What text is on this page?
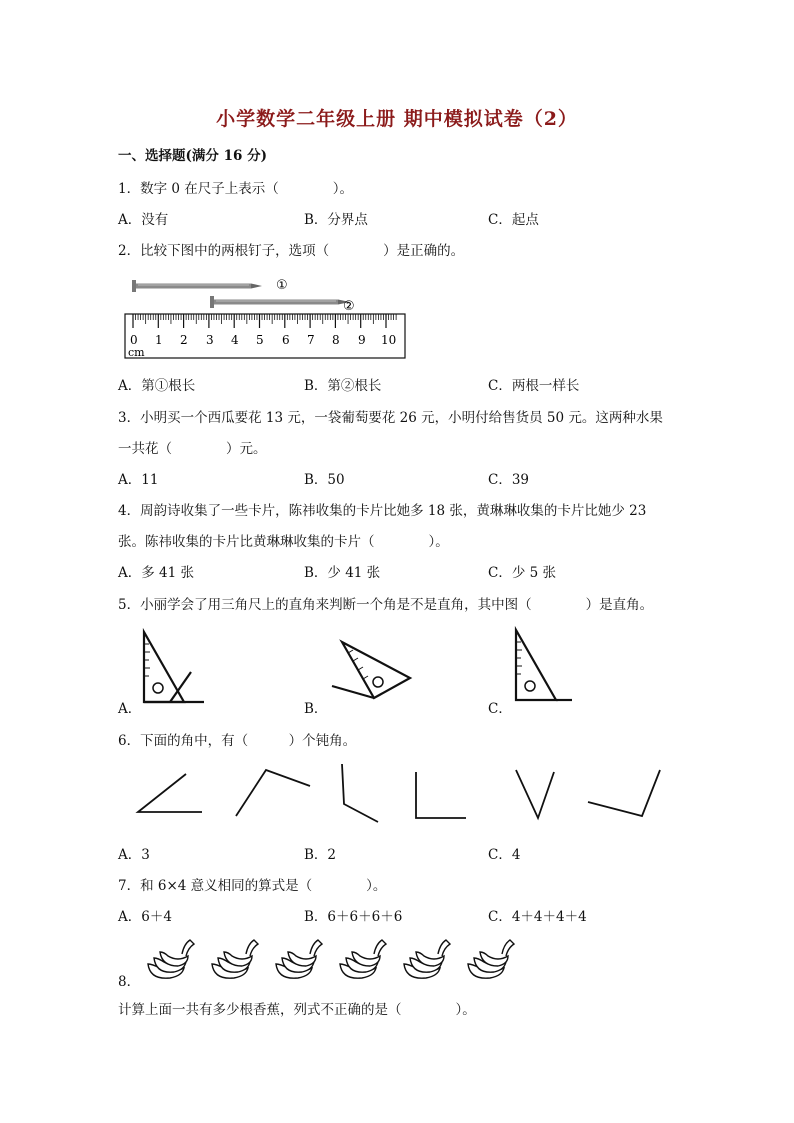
小学数学二年级上册 期中模拟试卷（2）
一、选择题(满分 16 分)
1．数字 0 在尺子上表示（　　　　）。
A．没有	B．分界点	C．起点
2．比较下图中的两根钉子，选项（　　　　）是正确的。
①
②
0 1 2 3 4 5 6 7 8 9 10
cm
A．第①根长	B．第②根长	C．两根一样长
3．小明买一个西瓜要花 13 元，一袋葡萄要花 26 元，小明付给售货员 50 元。这两种水果
一共花（　　　　）元。
A．11	B．50	C．39
4．周韵诗收集了一些卡片，陈祎收集的卡片比她多 18 张，黄琳琳收集的卡片比她少 23
张。陈祎收集的卡片比黄琳琳收集的卡片（　　　　）。
A．多 41 张	B．少 41 张	C．少 5 张
5．小丽学会了用三角尺上的直角来判断一个角是不是直角，其中图（　　　　）是直角。
A．	B．	C．
6．下面的角中，有（　　　）个钝角。
A．3	B．2	C．4
7．和 6×4 意义相同的算式是（　　　　）。
A．6＋4	B．6＋6＋6＋6	C．4＋4＋4＋4
8．
计算上面一共有多少根香蕉，列式不正确的是（　　　　）。
